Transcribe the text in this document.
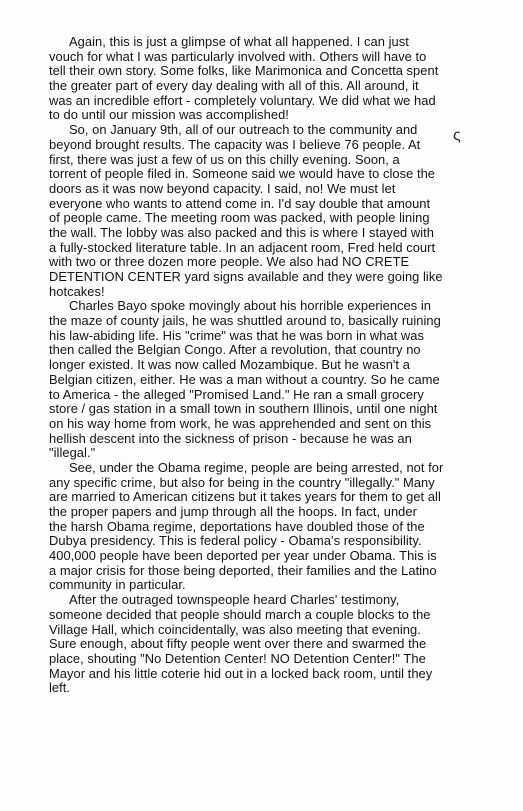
Again, this is just a glimpse of what all happened. I can just
vouch for what I was particularly involved with. Others will have to
tell their own story. Some folks, like Marimonica and Concetta spent
the greater part of every day dealing with all of this. All around, it
was an incredible effort - completely voluntary. We did what we had
to do until our mission was accomplished!
So, on January 9th, all of our outreach to the community and
beyond brought results. The capacity was I believe 76 people. At
first, there was just a few of us on this chilly evening. Soon, a
torrent of people filed in. Someone said we would have to close the
doors as it was now beyond capacity. I said, no! We must let
everyone who wants to attend come in. I'd say double that amount
of people came. The meeting room was packed, with people lining
the wall. The lobby was also packed and this is where I stayed with
a fully-stocked literature table. In an adjacent room, Fred held court
with two or three dozen more people. We also had NO CRETE
DETENTION CENTER yard signs available and they were going like
hotcakes!
Charles Bayo spoke movingly about his horrible experiences in
the maze of county jails, he was shuttled around to, basically ruining
his law-abiding life. His "crime" was that he was born in what was
then called the Belgian Congo. After a revolution, that country no
longer existed. It was now called Mozambique. But he wasn't a
Belgian citizen, either. He was a man without a country. So he came
to America - the alleged "Promised Land." He ran a small grocery
store / gas station in a small town in southern Illinois, until one night
on his way home from work, he was apprehended and sent on this
hellish descent into the sickness of prison - because he was an
"illegal."
See, under the Obama regime, people are being arrested, not for
any specific crime, but also for being in the country "illegally." Many
are married to American citizens but it takes years for them to get all
the proper papers and jump through all the hoops. In fact, under
the harsh Obama regime, deportations have doubled those of the
Dubya presidency. This is federal policy - Obama's responsibility.
400,000 people have been deported per year under Obama. This is
a major crisis for those being deported, their families and the Latino
community in particular.
After the outraged townspeople heard Charles' testimony,
someone decided that people should march a couple blocks to the
Village Hall, which coincidentally, was also meeting that evening.
Sure enough, about fifty people went over there and swarmed the
place, shouting "No Detention Center! NO Detention Center!" The
Mayor and his little coterie hid out in a locked back room, until they
left.
ς
